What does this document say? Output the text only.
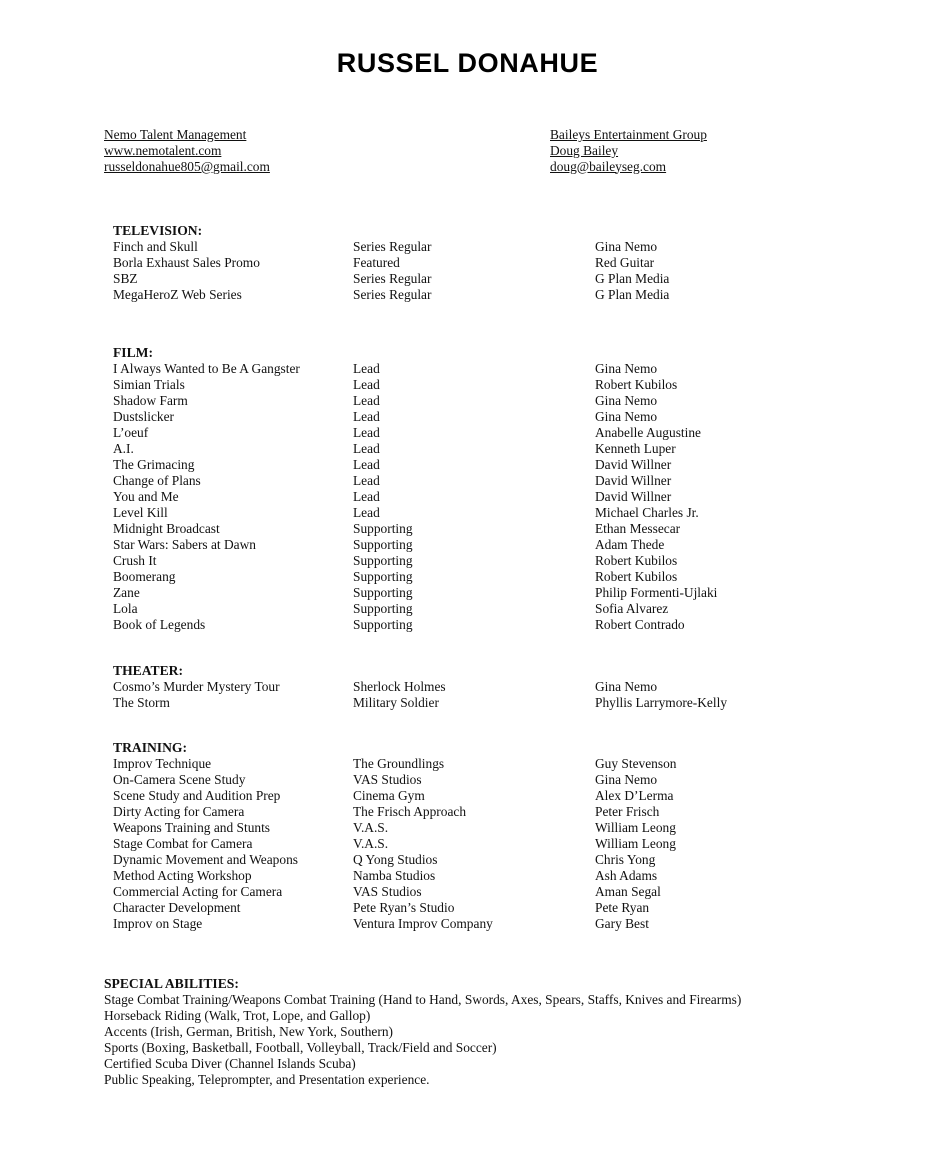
RUSSEL DONAHUE
Nemo Talent Management
www.nemotalent.com
russeldonahue805@gmail.com
Baileys Entertainment Group
Doug Bailey
doug@baileyseg.com
TELEVISION:
Finch and Skull	Series Regular	Gina Nemo
Borla Exhaust Sales Promo	Featured	Red Guitar
SBZ	Series Regular	G Plan Media
MegaHeroZ Web Series	Series Regular	G Plan Media
FILM:
I Always Wanted to Be A Gangster	Lead	Gina Nemo
Simian Trials	Lead	Robert Kubilos
Shadow Farm	Lead	Gina Nemo
Dustslicker	Lead	Gina Nemo
L’oeuf	Lead	Anabelle Augustine
A.I.	Lead	Kenneth Luper
The Grimacing	Lead	David Willner
Change of Plans	Lead	David Willner
You and Me	Lead	David Willner
Level Kill	Lead	Michael Charles Jr.
Midnight Broadcast	Supporting	Ethan Messecar
Star Wars: Sabers at Dawn	Supporting	Adam Thede
Crush It	Supporting	Robert Kubilos
Boomerang	Supporting	Robert Kubilos
Zane	Supporting	Philip Formenti-Ujlaki
Lola	Supporting	Sofia Alvarez
Book of Legends	Supporting	Robert Contrado
THEATER:
Cosmo’s Murder Mystery Tour	Sherlock Holmes	Gina Nemo
The Storm	Military Soldier	Phyllis Larrymore-Kelly
TRAINING:
Improv Technique	The Groundlings	Guy Stevenson
On-Camera Scene Study	VAS Studios	Gina Nemo
Scene Study and Audition Prep	Cinema Gym	Alex D’Lerma
Dirty Acting for Camera	The Frisch Approach	Peter Frisch
Weapons Training and Stunts	V.A.S.	William Leong
Stage Combat for Camera	V.A.S.	William Leong
Dynamic Movement and Weapons	Q Yong Studios	Chris Yong
Method Acting Workshop	Namba Studios	Ash Adams
Commercial Acting for Camera	VAS Studios	Aman Segal
Character Development	Pete Ryan’s Studio	Pete Ryan
Improv on Stage	Ventura Improv Company	Gary Best
SPECIAL ABILITIES:
Stage Combat Training/Weapons Combat Training (Hand to Hand, Swords, Axes, Spears, Staffs, Knives and Firearms)
Horseback Riding (Walk, Trot, Lope, and Gallop)
Accents (Irish, German, British, New York, Southern)
Sports (Boxing, Basketball, Football, Volleyball, Track/Field and Soccer)
Certified Scuba Diver (Channel Islands Scuba)
Public Speaking, Teleprompter, and Presentation experience.
